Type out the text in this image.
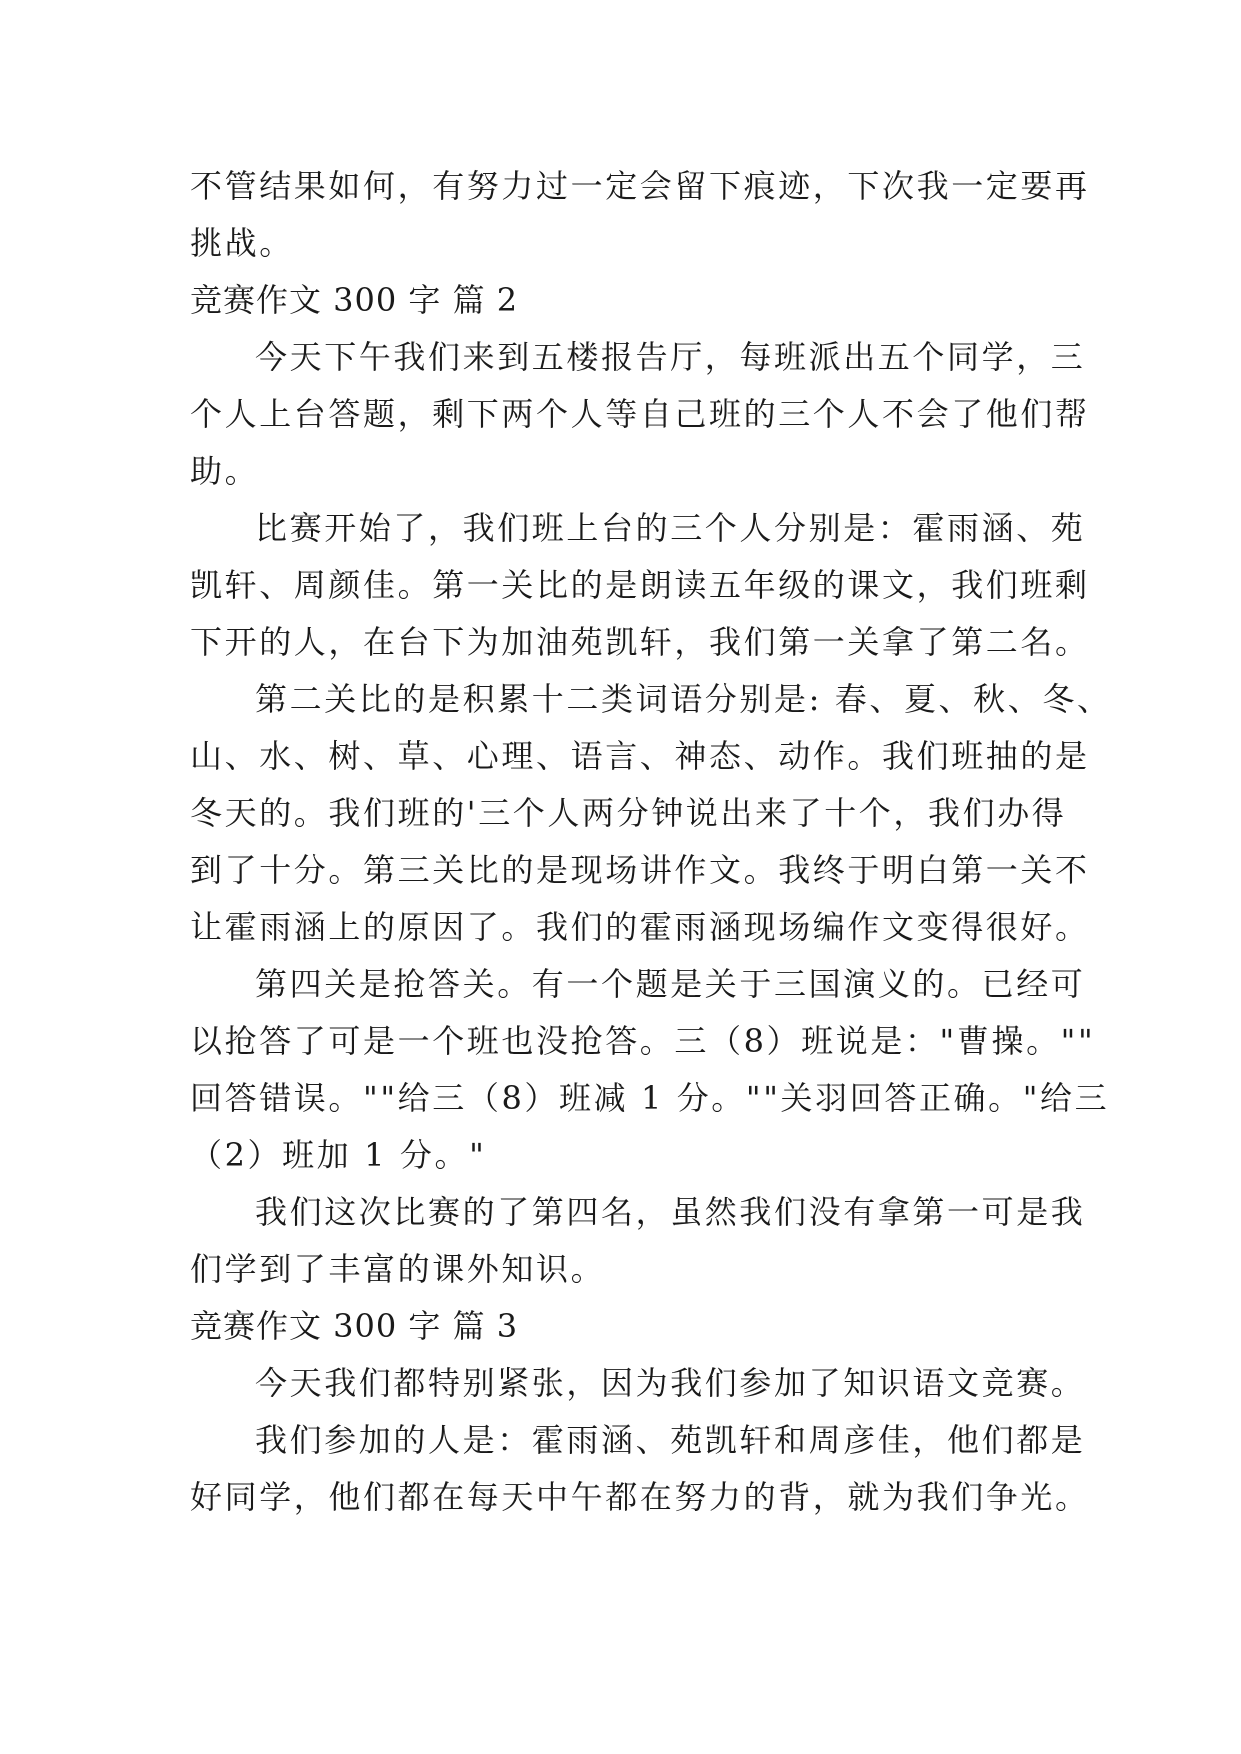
不管结果如何，有努力过一定会留下痕迹，下次我一定要再
挑战。
竞赛作文 300 字 篇 2
今天下午我们来到五楼报告厅，每班派出五个同学，三
个人上台答题，剩下两个人等自己班的三个人不会了他们帮
助。
比赛开始了，我们班上台的三个人分别是：霍雨涵、苑
凯轩、周颜佳。第一关比的是朗读五年级的课文，我们班剩
下开的人，在台下为加油苑凯轩，我们第一关拿了第二名。
第二关比的是积累十二类词语分别是: 春、夏、秋、冬、
山、水、树、草、心理、语言、神态、动作。我们班抽的是
冬天的。我们班的'三个人两分钟说出来了十个，我们办得
到了十分。第三关比的是现场讲作文。我终于明白第一关不
让霍雨涵上的原因了。我们的霍雨涵现场编作文变得很好。
第四关是抢答关。有一个题是关于三国演义的。已经可
以抢答了可是一个班也没抢答。三（8）班说是："曹操。""
回答错误。""给三（8）班减 1 分。""关羽回答正确。"给三
（2）班加 1 分。"
我们这次比赛的了第四名，虽然我们没有拿第一可是我
们学到了丰富的课外知识。
竞赛作文 300 字 篇 3
今天我们都特别紧张，因为我们参加了知识语文竞赛。
我们参加的人是：霍雨涵、苑凯轩和周彦佳，他们都是
好同学，他们都在每天中午都在努力的背，就为我们争光。
